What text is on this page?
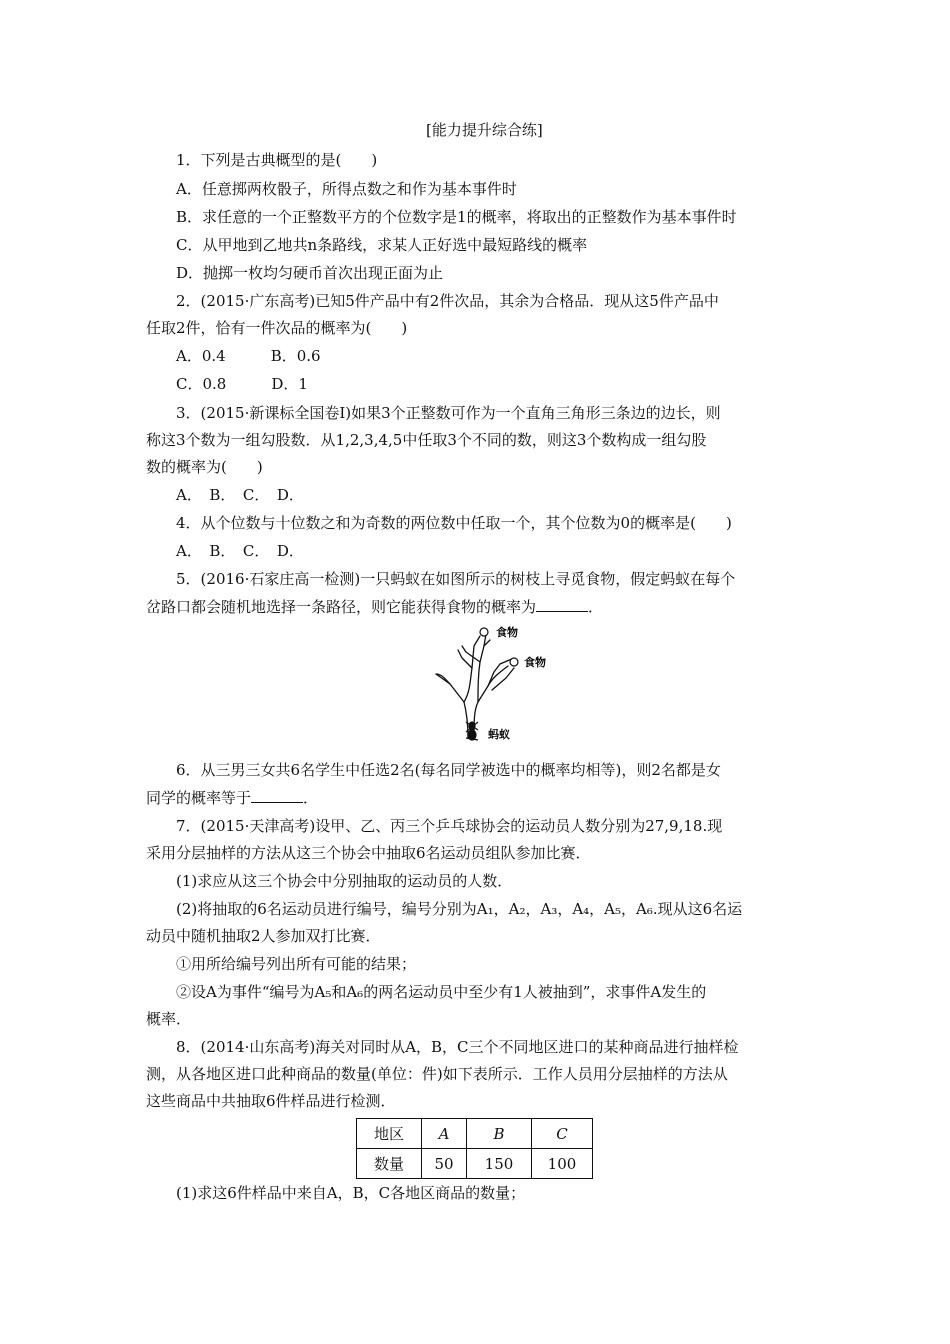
[能力提升综合练]
1．下列是古典概型的是(　　)
A．任意掷两枚骰子，所得点数之和作为基本事件时
B．求任意的一个正整数平方的个位数字是1的概率，将取出的正整数作为基本事件时
C．从甲地到乙地共n条路线，求某人正好选中最短路线的概率
D．抛掷一枚均匀硬币首次出现正面为止
2．(2015·广东高考)已知5件产品中有2件次品，其余为合格品．现从这5件产品中
任取2件，恰有一件次品的概率为(　　)
A．0.4　　　B．0.6
C．0.8　　　D．1
3．(2015·新课标全国卷Ⅰ)如果3个正整数可作为一个直角三角形三条边的边长，则
称这3个数为一组勾股数．从1,2,3,4,5中任取3个不同的数，则这3个数构成一组勾股
数的概率为(　　)
A．　B．　C．　D．
4．从个位数与十位数之和为奇数的两位数中任取一个，其个位数为0的概率是(　　)
A．　B．　C．　D．
5．(2016·石家庄高一检测)一只蚂蚁在如图所示的树枝上寻觅食物，假定蚂蚁在每个
岔路口都会随机地选择一条路径，则它能获得食物的概率为	．
食物
食物
蚂蚁
6．从三男三女共6名学生中任选2名(每名同学被选中的概率均相等)，则2名都是女
同学的概率等于	．
7．(2015·天津高考)设甲、乙、丙三个乒乓球协会的运动员人数分别为27,9,18.现
采用分层抽样的方法从这三个协会中抽取6名运动员组队参加比赛．
(1)求应从这三个协会中分别抽取的运动员的人数．
(2)将抽取的6名运动员进行编号，编号分别为A₁，A₂，A₃，A₄，A₅，A₆.现从这6名运
动员中随机抽取2人参加双打比赛．
①用所给编号列出所有可能的结果；
②设A为事件“编号为A₅和A₆的两名运动员中至少有1人被抽到”，求事件A发生的
概率．
8．(2014·山东高考)海关对同时从A，B，C三个不同地区进口的某种商品进行抽样检
测，从各地区进口此种商品的数量(单位：件)如下表所示．工作人员用分层抽样的方法从
这些商品中共抽取6件样品进行检测．
地区	A	B	C
数量	50	150	100
(1)求这6件样品中来自A，B，C各地区商品的数量；
